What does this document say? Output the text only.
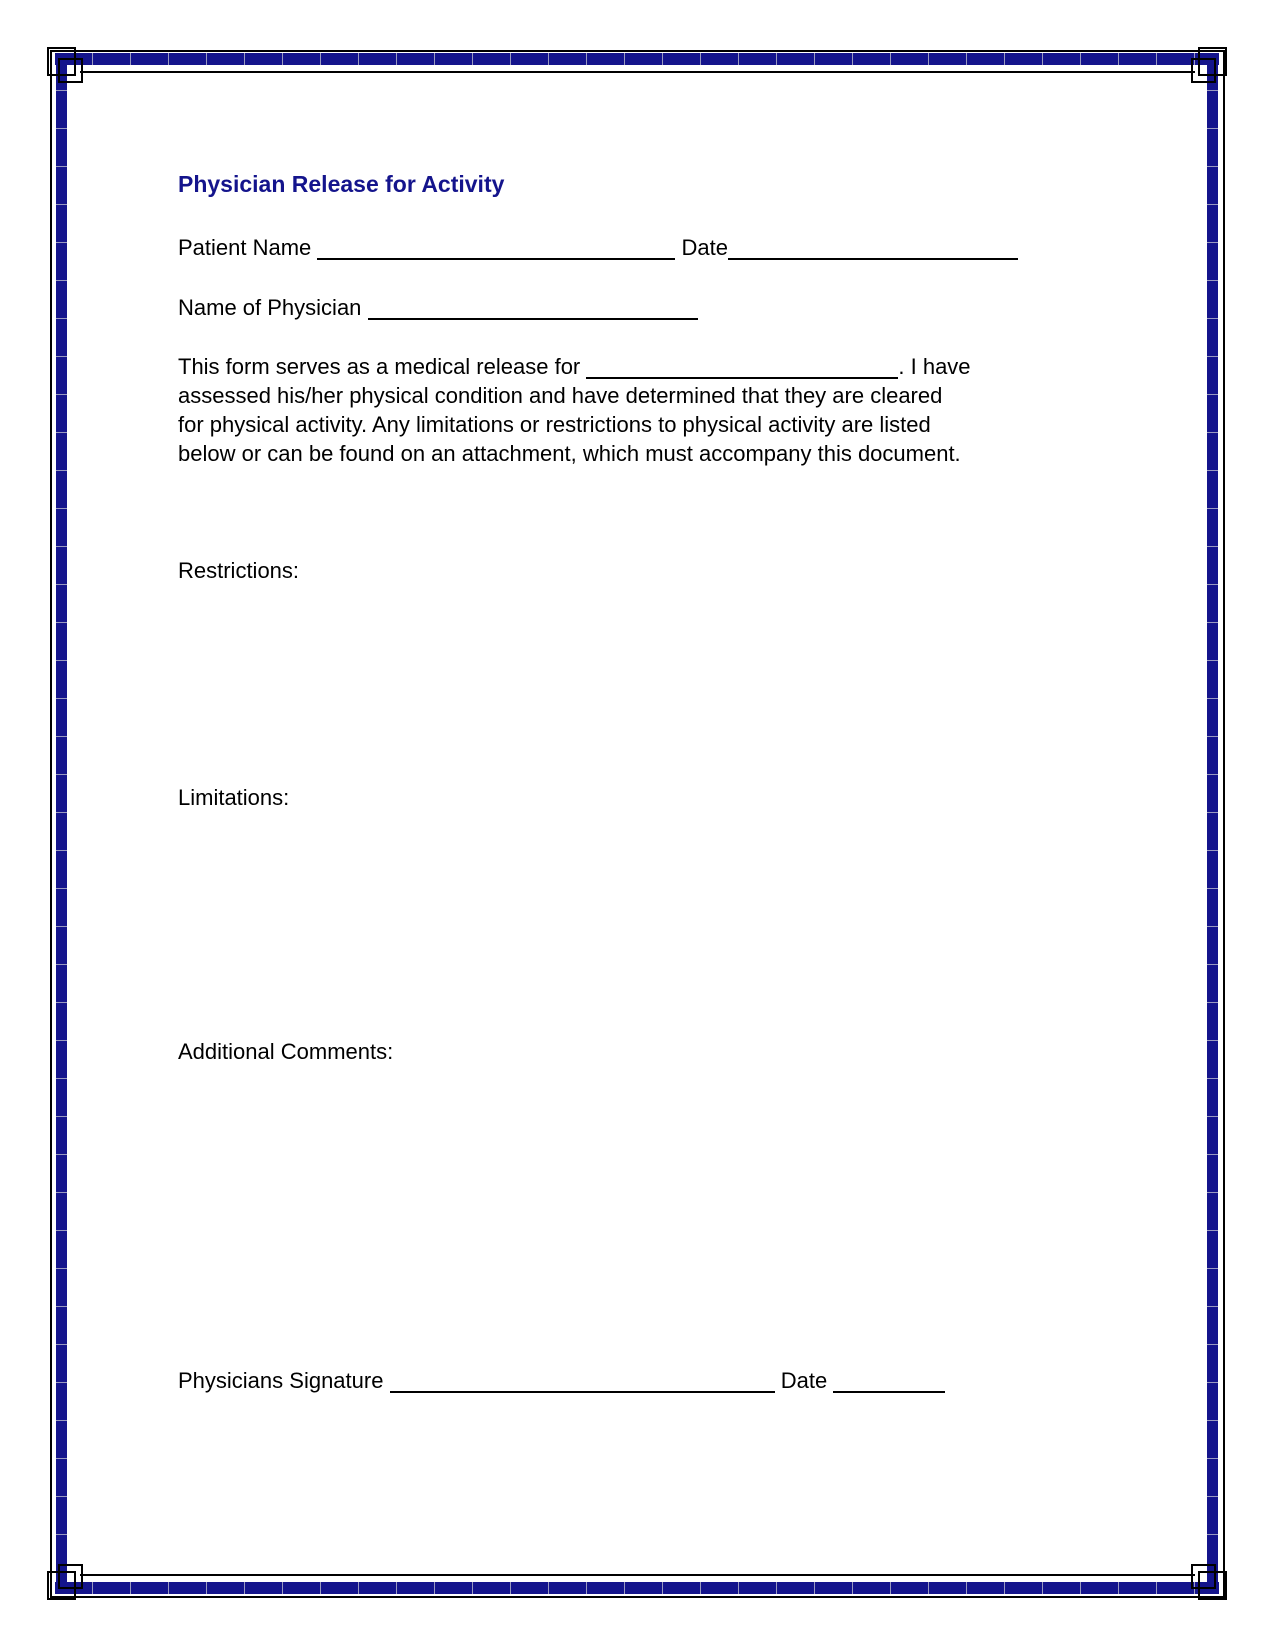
Physician Release for Activity
Patient Name	Date
Name of Physician
This form serves as a medical release for	. I have
assessed his/her physical condition and have determined that they are cleared
for physical activity. Any limitations or restrictions to physical activity are listed
below or can be found on an attachment, which must accompany this document.
Restrictions:
Limitations:
Additional Comments:
Physicians Signature	Date
